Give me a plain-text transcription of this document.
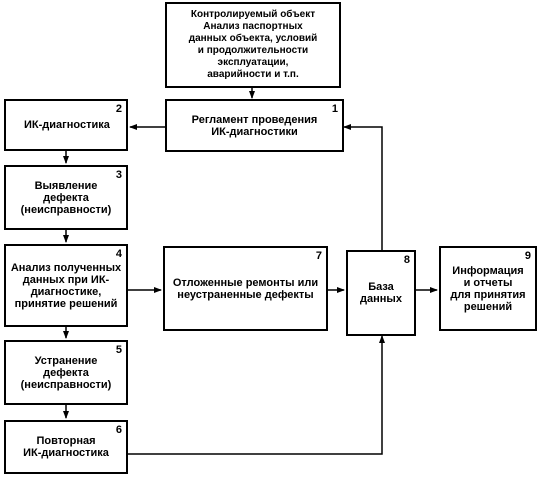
Контролируемый объект
Анализ паспортных
данных объекта, условий
и продолжительности
эксплуатации,
аварийности и т.п.
1
Регламент проведения
ИК-диагностики
2
ИК-диагностика
3
Выявление
дефекта
(неисправности)
4
Анализ полученных
данных при ИК-
диагностике,
принятие решений
5
Устранение
дефекта
(неисправности)
6
Повторная
ИК-диагностика
7
Отложенные ремонты или
неустраненные дефекты
8
База
данных
9
Информация
и отчеты
для принятия
решений
